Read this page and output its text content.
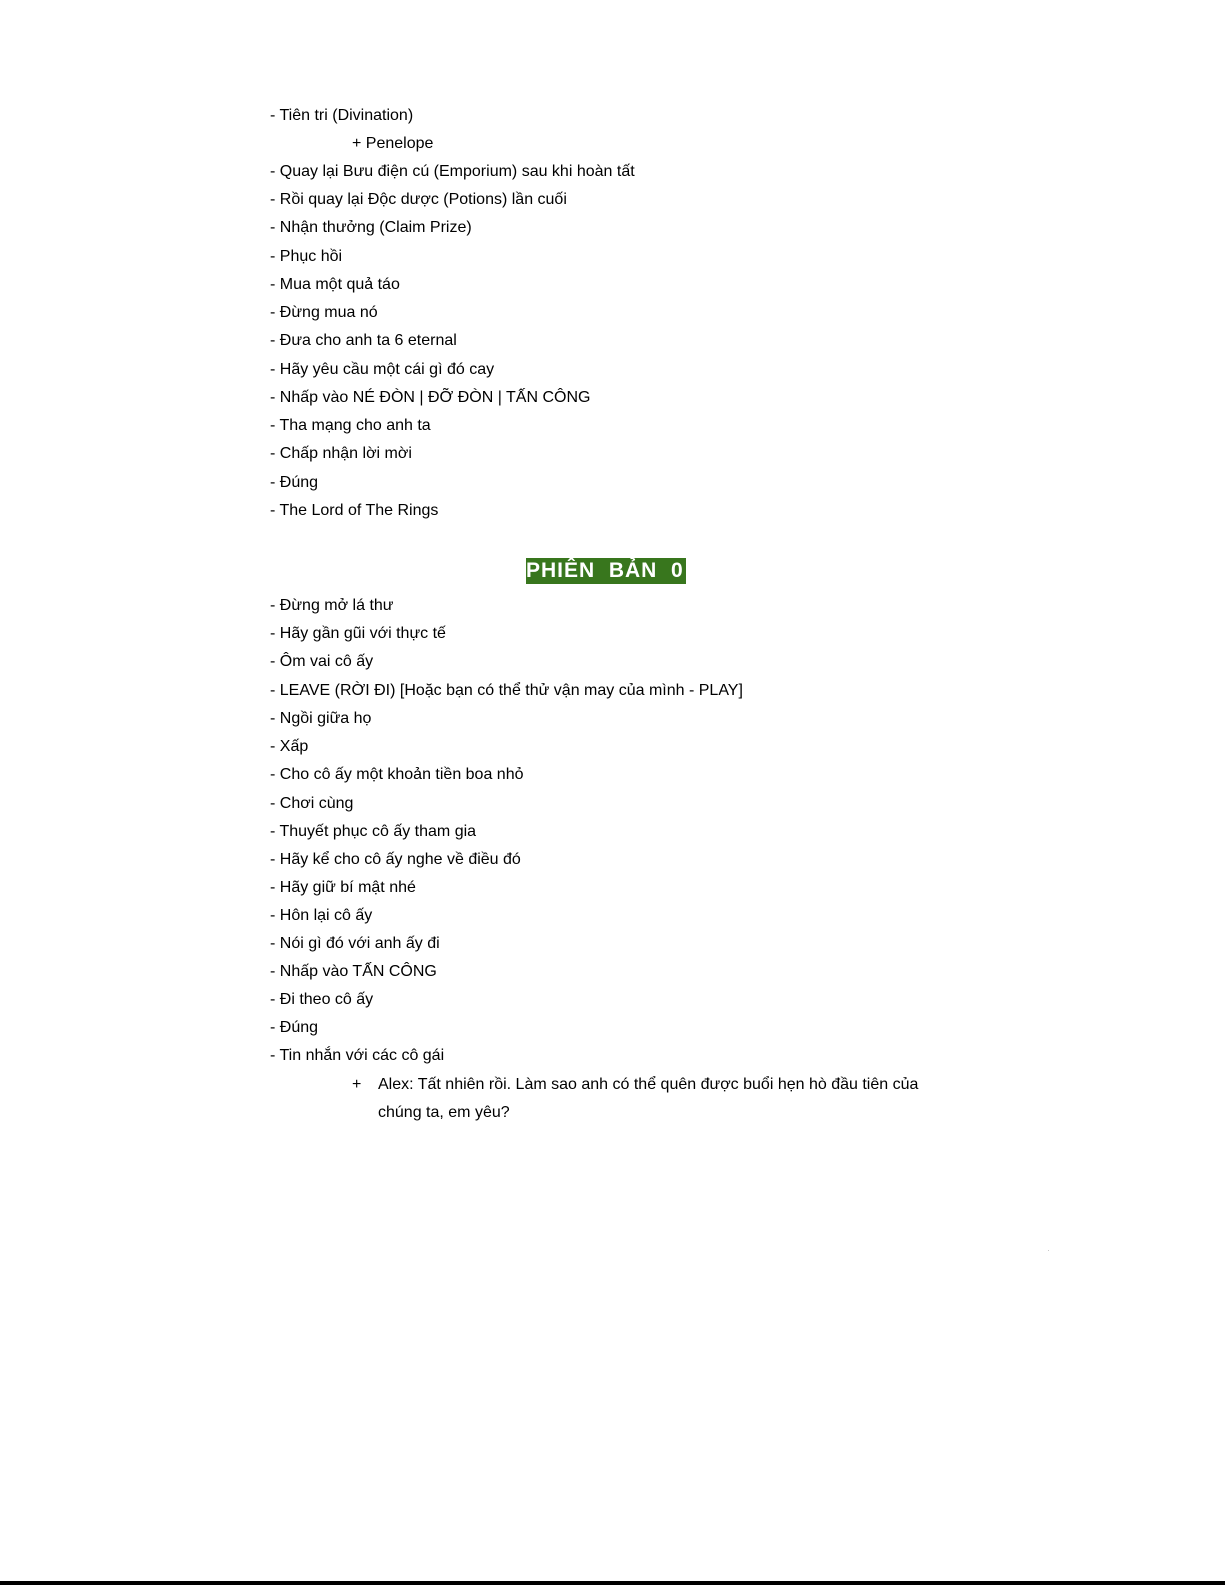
- Tiên tri (Divination)
+ Penelope
- Quay lại Bưu điện cú (Emporium) sau khi hoàn tất
- Rồi quay lại Độc dược (Potions) lần cuối
- Nhận thưởng (Claim Prize)
- Phục hồi
- Mua một quả táo
- Đừng mua nó
- Đưa cho anh ta 6 eternal
- Hãy yêu cầu một cái gì đó cay
- Nhấp vào NÉ ĐÒN | ĐỠ ĐÒN | TẤN CÔNG
- Tha mạng cho anh ta
- Chấp nhận lời mời
- Đúng
- The Lord of The Rings
PHIÊN  BẢN  0
- Đừng mở lá thư
- Hãy gần gũi với thực tế
- Ôm vai cô ấy
- LEAVE (RỜI ĐI) [Hoặc bạn có thể thử vận may của mình - PLAY]
- Ngồi giữa họ
- Xấp
- Cho cô ấy một khoản tiền boa nhỏ
- Chơi cùng
- Thuyết phục cô ấy tham gia
- Hãy kể cho cô ấy nghe về điều đó
- Hãy giữ bí mật nhé
- Hôn lại cô ấy
- Nói gì đó với anh ấy đi
- Nhấp vào TẤN CÔNG
- Đi theo cô ấy
- Đúng
- Tin nhắn với các cô gái
+ Alex: Tất nhiên rồi. Làm sao anh có thể quên được buổi hẹn hò đầu tiên của
chúng ta, em yêu?
